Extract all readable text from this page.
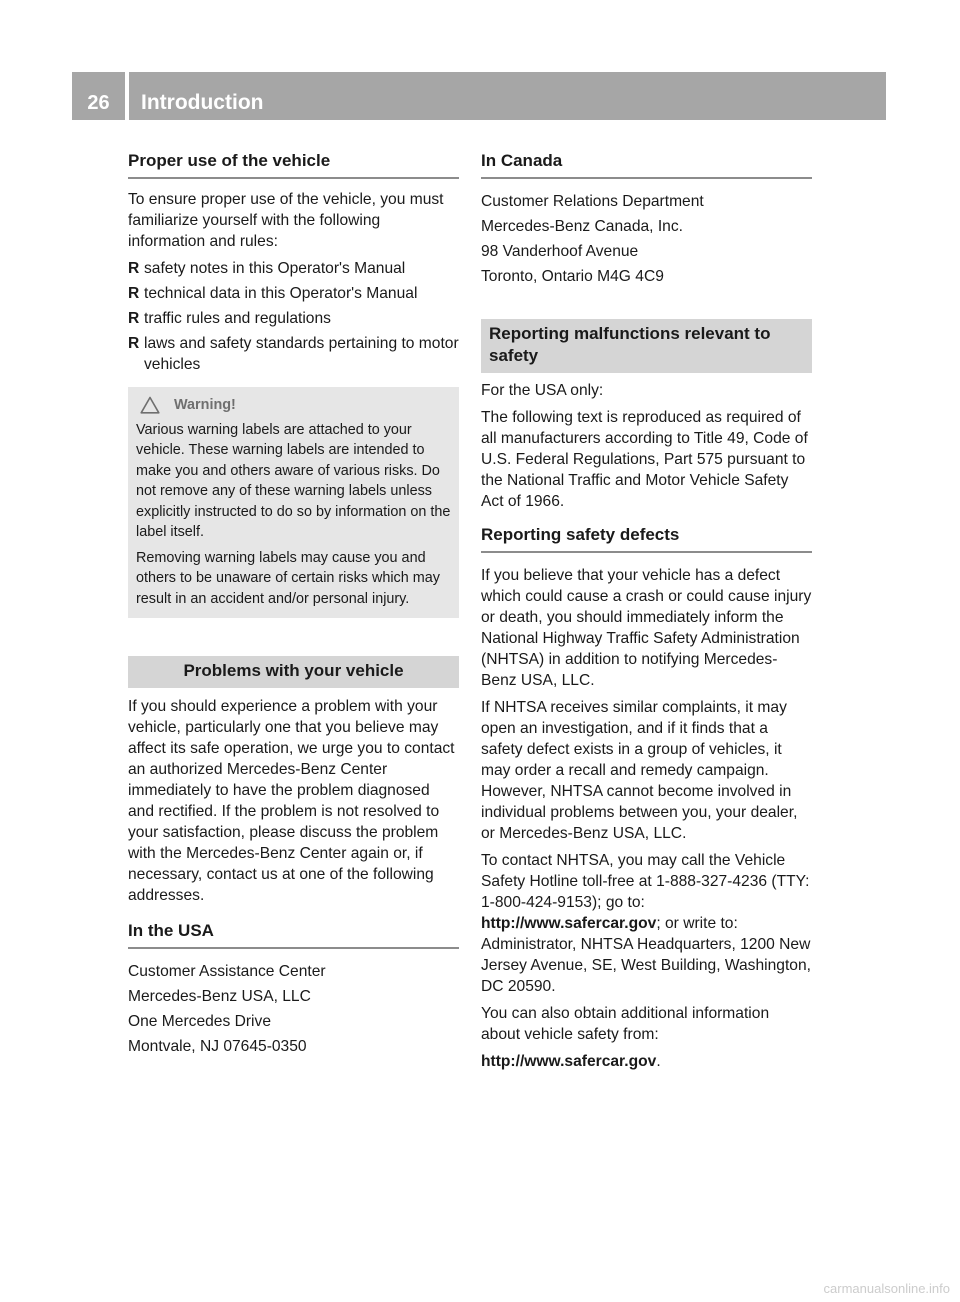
26	Introduction
Proper use of the vehicle

To ensure proper use of the vehicle, you must familiarize yourself with the following information and rules:

R safety notes in this Operator's Manual
R technical data in this Operator's Manual
R traffic rules and regulations
R laws and safety standards pertaining to motor vehicles
Warning!

Various warning labels are attached to your vehicle. These warning labels are intended to make you and others aware of various risks. Do not remove any of these warning labels unless explicitly instructed to do so by information on the label itself.

Removing warning labels may cause you and others to be unaware of certain risks which may result in an accident and/or personal injury.

Problems with your vehicle

If you should experience a problem with your vehicle, particularly one that you believe may affect its safe operation, we urge you to contact an authorized Mercedes-Benz Center immediately to have the problem diagnosed and rectified. If the problem is not resolved to your satisfaction, please discuss the problem with the Mercedes-Benz Center again or, if necessary, contact us at one of the following addresses.

In the USA

Customer Assistance Center

Mercedes-Benz USA, LLC

One Mercedes Drive

Montvale, NJ 07645-0350

In Canada

Customer Relations Department

Mercedes-Benz Canada, Inc.

98 Vanderhoof Avenue

Toronto, Ontario M4G 4C9

Reporting malfunctions relevant to safety

For the USA only:

The following text is reproduced as required of all manufacturers according to Title 49, Code of U.S. Federal Regulations, Part 575 pursuant to the National Traffic and Motor Vehicle Safety Act of 1966.

Reporting safety defects

If you believe that your vehicle has a defect which could cause a crash or could cause injury or death, you should immediately inform the National Highway Traffic Safety Administration (NHTSA) in addition to notifying Mercedes-Benz USA, LLC.

If NHTSA receives similar complaints, it may open an investigation, and if it finds that a safety defect exists in a group of vehicles, it may order a recall and remedy campaign. However, NHTSA cannot become involved in individual problems between you, your dealer, or Mercedes-Benz USA, LLC.

To contact NHTSA, you may call the Vehicle Safety Hotline toll-free at 1-888-327-4236 (TTY: 1-800-424-9153); go to: http://www.safercar.gov; or write to: Administrator, NHTSA Headquarters, 1200 New Jersey Avenue, SE, West Building, Washington, DC 20590.

You can also obtain additional information about vehicle safety from:

http://www.safercar.gov.

carmanualsonline.info
